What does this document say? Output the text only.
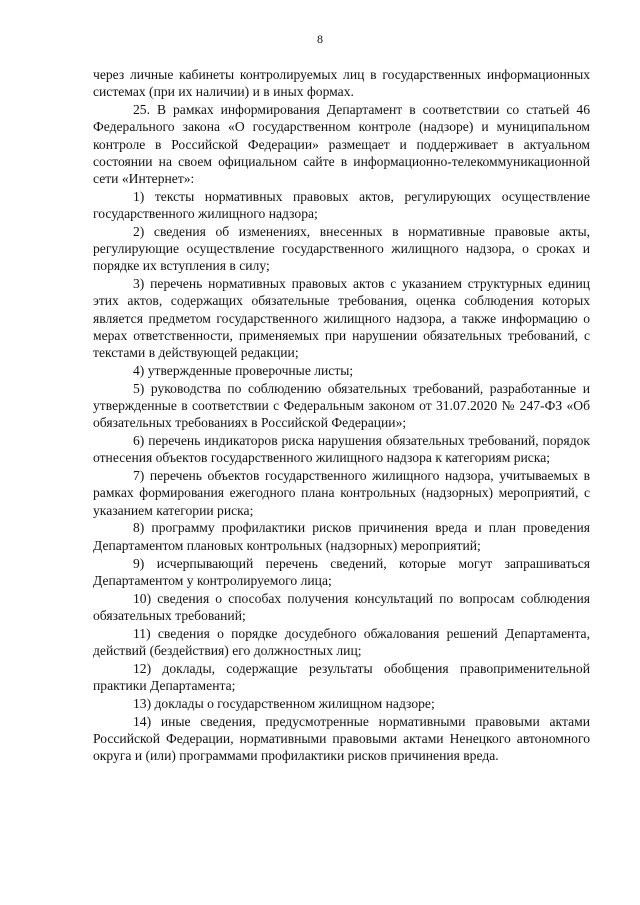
8

через личные кабинеты контролируемых лиц в государственных информационных системах (при их наличии) и в иных формах.

25. В рамках информирования Департамент в соответствии со статьей 46 Федерального закона «О государственном контроле (надзоре) и муниципальном контроле в Российской Федерации» размещает и поддерживает в актуальном состоянии на своем официальном сайте в информационно-телекоммуникационной сети «Интернет»:

1) тексты нормативных правовых актов, регулирующих осуществление государственного жилищного надзора;

2) сведения об изменениях, внесенных в нормативные правовые акты, регулирующие осуществление государственного жилищного надзора, о сроках и порядке их вступления в силу;

3) перечень нормативных правовых актов с указанием структурных единиц этих актов, содержащих обязательные требования, оценка соблюдения которых является предметом государственного жилищного надзора, а также информацию о мерах ответственности, применяемых при нарушении обязательных требований, с текстами в действующей редакции;

4) утвержденные проверочные листы;

5) руководства по соблюдению обязательных требований, разработанные и утвержденные в соответствии с Федеральным законом от 31.07.2020 № 247-ФЗ «Об обязательных требованиях в Российской Федерации»;

6) перечень индикаторов риска нарушения обязательных требований, порядок отнесения объектов государственного жилищного надзора к категориям риска;

7) перечень объектов государственного жилищного надзора, учитываемых в рамках формирования ежегодного плана контрольных (надзорных) мероприятий, с указанием категории риска;

8) программу профилактики рисков причинения вреда и план проведения Департаментом плановых контрольных (надзорных) мероприятий;

9) исчерпывающий перечень сведений, которые могут запрашиваться Департаментом у контролируемого лица;

10) сведения о способах получения консультаций по вопросам соблюдения обязательных требований;

11) сведения о порядке досудебного обжалования решений Департамента, действий (бездействия) его должностных лиц;

12) доклады, содержащие результаты обобщения правоприменительной практики Департамента;

13) доклады о государственном жилищном надзоре;

14) иные сведения, предусмотренные нормативными правовыми актами Российской Федерации, нормативными правовыми актами Ненецкого автономного округа и (или) программами профилактики рисков причинения вреда.
